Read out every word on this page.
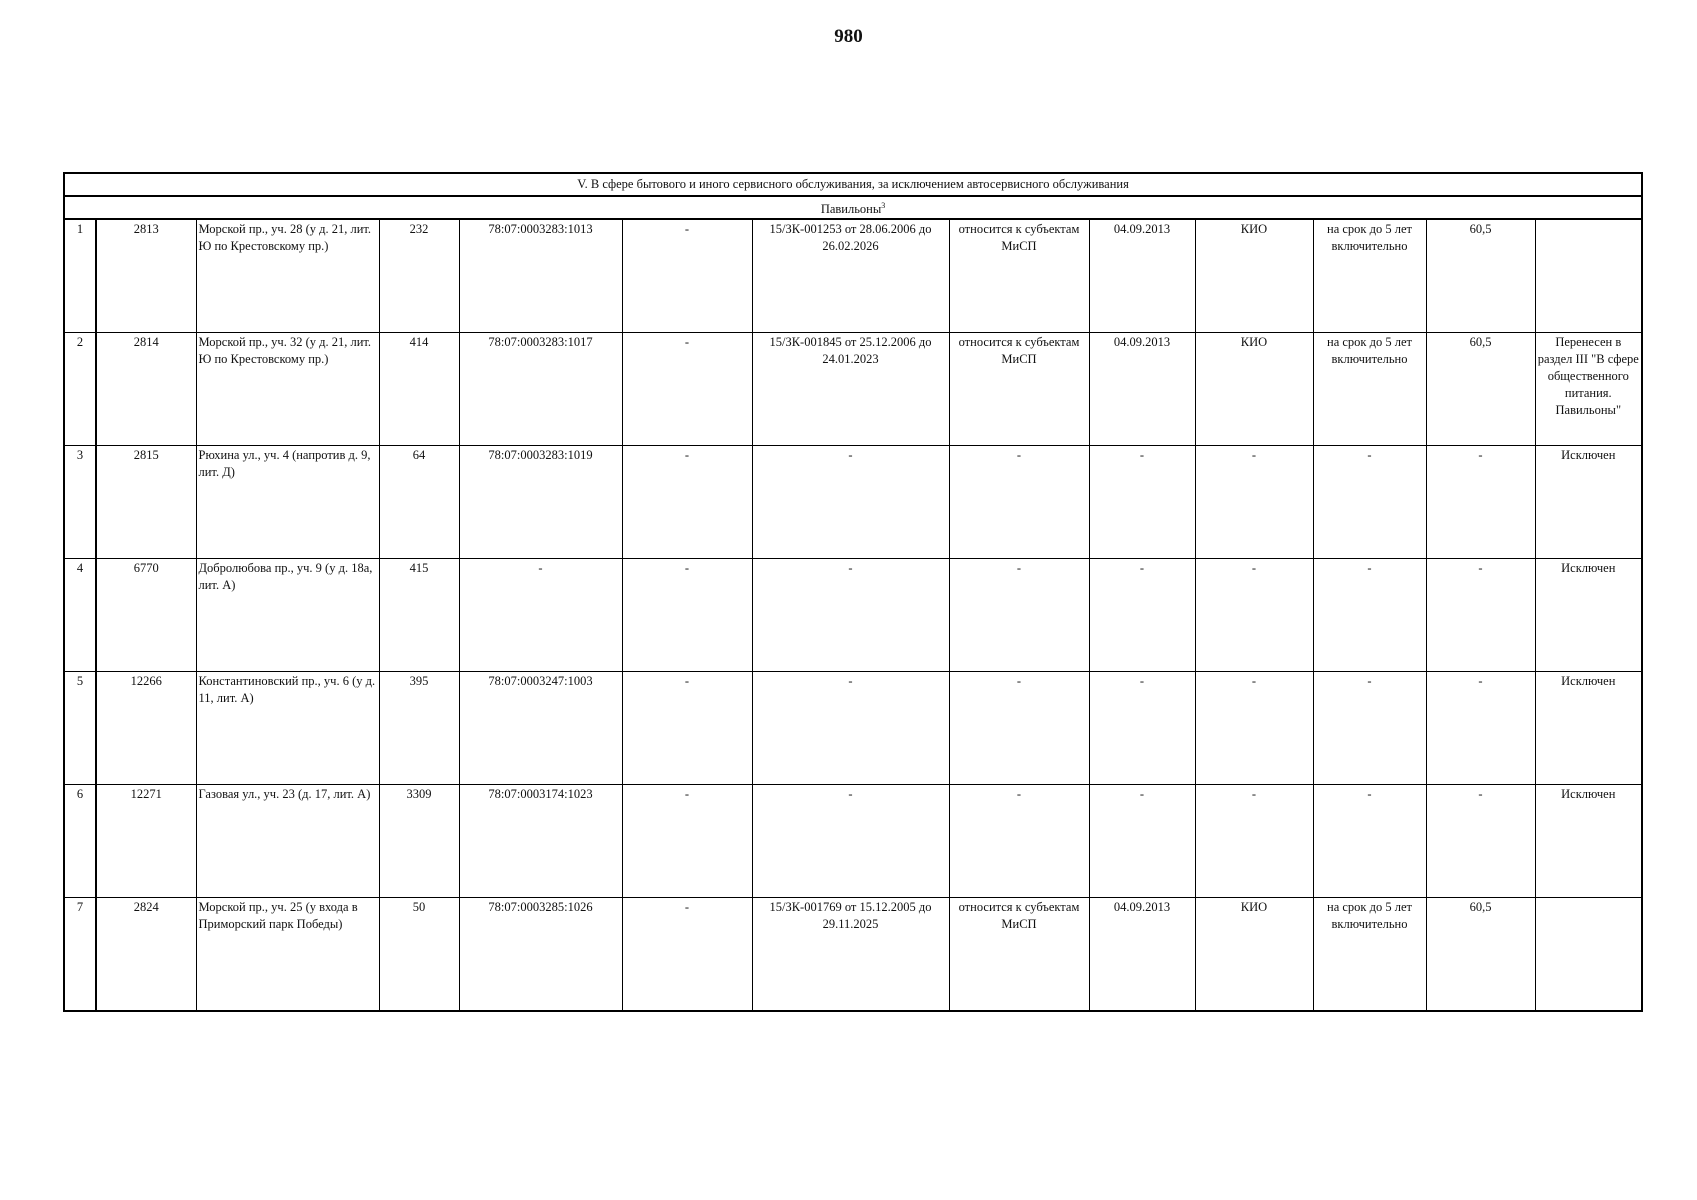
980
V. В сфере бытового и иного сервисного обслуживания, за исключением автосервисного обслуживания												
Павильоны$^3$
1	2813	Морской пр., уч. 28 (у д. 21, лит. Ю по Крестовскому пр.)	232	78:07:0003283:1013	-	15/ЗК-001253 от 28.06.2006 до 26.02.2026	относится к субъектам МиСП	04.09.2013	КИО	на срок до 5 лет включительно	60,5	
2	2814	Морской пр., уч. 32 (у д. 21, лит. Ю по Крестовскому пр.)	414	78:07:0003283:1017	-	15/ЗК-001845 от 25.12.2006 до 24.01.2023	относится к субъектам МиСП	04.09.2013	КИО	на срок до 5 лет включительно	60,5	Перенесен в раздел III "В сфере общественного питания. Павильоны"
3	2815	Рюхина ул., уч. 4 (напротив д. 9, лит. Д)	64	78:07:0003283:1019	-	-	-	-	-	-	-	Исключен
4	6770	Добролюбова пр., уч. 9 (у д. 18а, лит. А)	415	-	-	-	-	-	-	-	-	Исключен
5	12266	Константиновский пр., уч. 6 (у д. 11, лит. А)	395	78:07:0003247:1003	-	-	-	-	-	-	-	Исключен
6	12271	Газовая ул., уч. 23 (д. 17, лит. А)	3309	78:07:0003174:1023	-	-	-	-	-	-	-	Исключен
7	2824	Морской пр., уч. 25 (у входа в Приморский парк Победы)	50	78:07:0003285:1026	-	15/ЗК-001769 от 15.12.2005 до 29.11.2025	относится к субъектам МиСП	04.09.2013	КИО	на срок до 5 лет включительно	60,5	
